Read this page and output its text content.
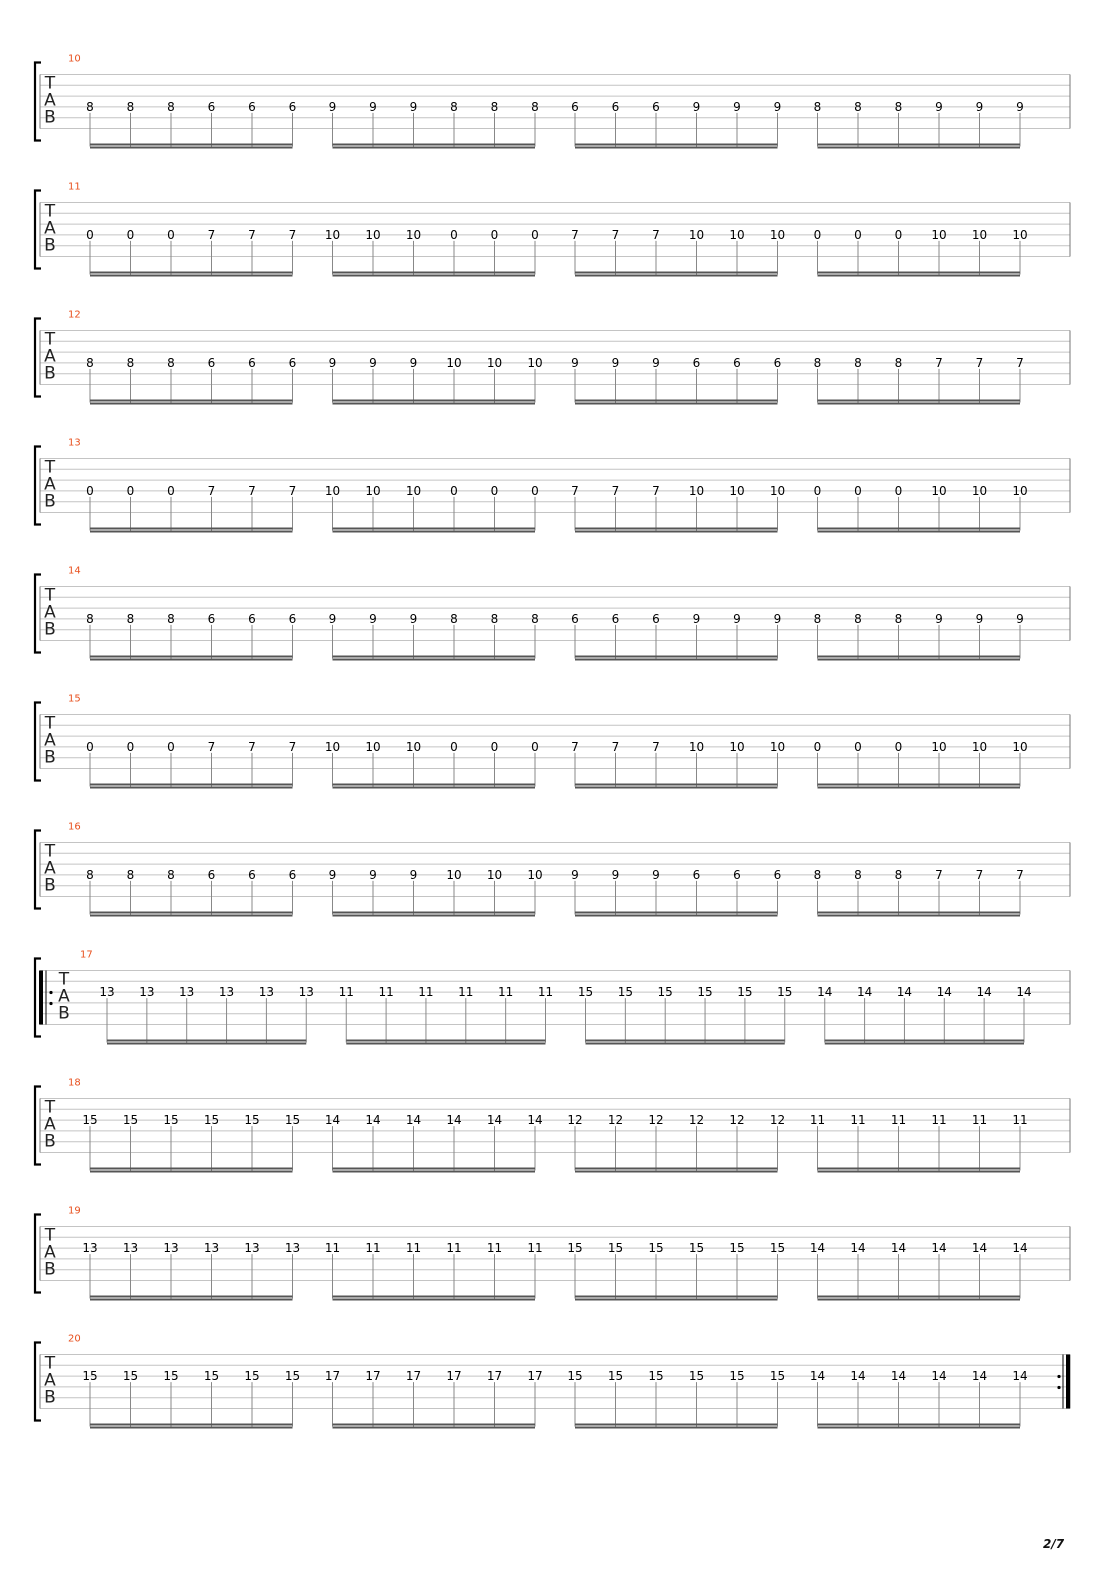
10
T
A
B
8	8	8	6	6	6	9	9	9	8	8	8	6	6	6	9	9	9	8	8	8	9	9	9
11
T
A
B
0	0	0	7	7	7 10 10 10 0	0	0	7	7	7 10 10 10 0	0	0 10 10 10
12
T
A
B
8	8	8	6	6	6	9	9	9 10 10 10 9	9	9	6	6	6	8	8	8	7	7	7
13
T
A
B
0	0	0	7	7	7 10 10 10 0	0	0	7	7	7 10 10 10 0	0	0 10 10 10
14
T
A
B
8	8	8	6	6	6	9	9	9	8	8	8	6	6	6	9	9	9	8	8	8	9	9	9
15
T
A
B
0	0	0	7	7	7 10 10 10 0	0	0	7	7	7 10 10 10 0	0	0 10 10 10
16
T
A
B
8	8	8	6	6	6	9	9	9 10 10 10 9	9	9	6	6	6	8	8	8	7	7	7
17
T
A
B
13 13 13 13 13 13 11 11 11 11 11 11 15 15 15 15 15 15 14 14 14 14 14 14
18
T
A
B
15 15 15 15 15 15 14 14 14 14 14 14 12 12 12 12 12 12 11 11 11 11 11 11
19
T
A
B
13 13 13 13 13 13 11 11 11 11 11 11 15 15 15 15 15 15 14 14 14 14 14 14
20
T
A
B
15 15 15 15 15 15 17 17 17 17 17 17 15 15 15 15 15 15 14 14 14 14 14 14
2/7
